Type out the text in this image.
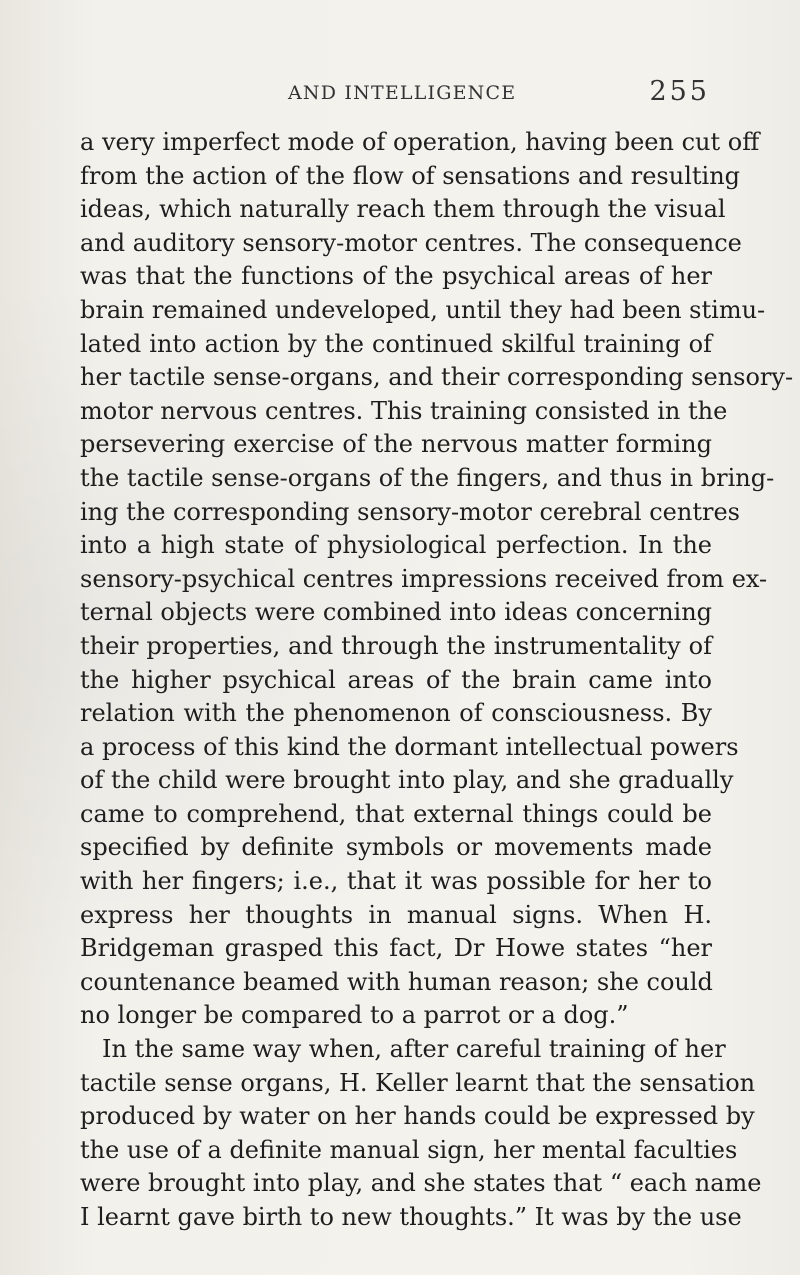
AND INTELLIGENCE	255
a very imperfect mode of operation, having been cut off
from the action of the flow of sensations and resulting
ideas, which naturally reach them through the visual
and auditory sensory-motor centres. The consequence
was that the functions of the psychical areas of her
brain remained undeveloped, until they had been stimu-
lated into action by the continued skilful training of
her tactile sense-organs, and their corresponding sensory-
motor nervous centres. This training consisted in the
persevering exercise of the nervous matter forming
the tactile sense-organs of the fingers, and thus in bring-
ing the corresponding sensory-motor cerebral centres
into a high state of physiological perfection. In the
sensory-psychical centres impressions received from ex-
ternal objects were combined into ideas concerning
their properties, and through the instrumentality of
the higher psychical areas of the brain came into
relation with the phenomenon of consciousness. By
a process of this kind the dormant intellectual powers
of the child were brought into play, and she gradually
came to comprehend, that external things could be
specified by definite symbols or movements made
with her fingers; i.e., that it was possible for her to
express her thoughts in manual signs. When H.
Bridgeman grasped this fact, Dr Howe states “her
countenance beamed with human reason; she could
no longer be compared to a parrot or a dog.”
In the same way when, after careful training of her
tactile sense organs, H. Keller learnt that the sensation
produced by water on her hands could be expressed by
the use of a definite manual sign, her mental faculties
were brought into play, and she states that “ each name
I learnt gave birth to new thoughts.” It was by the use
